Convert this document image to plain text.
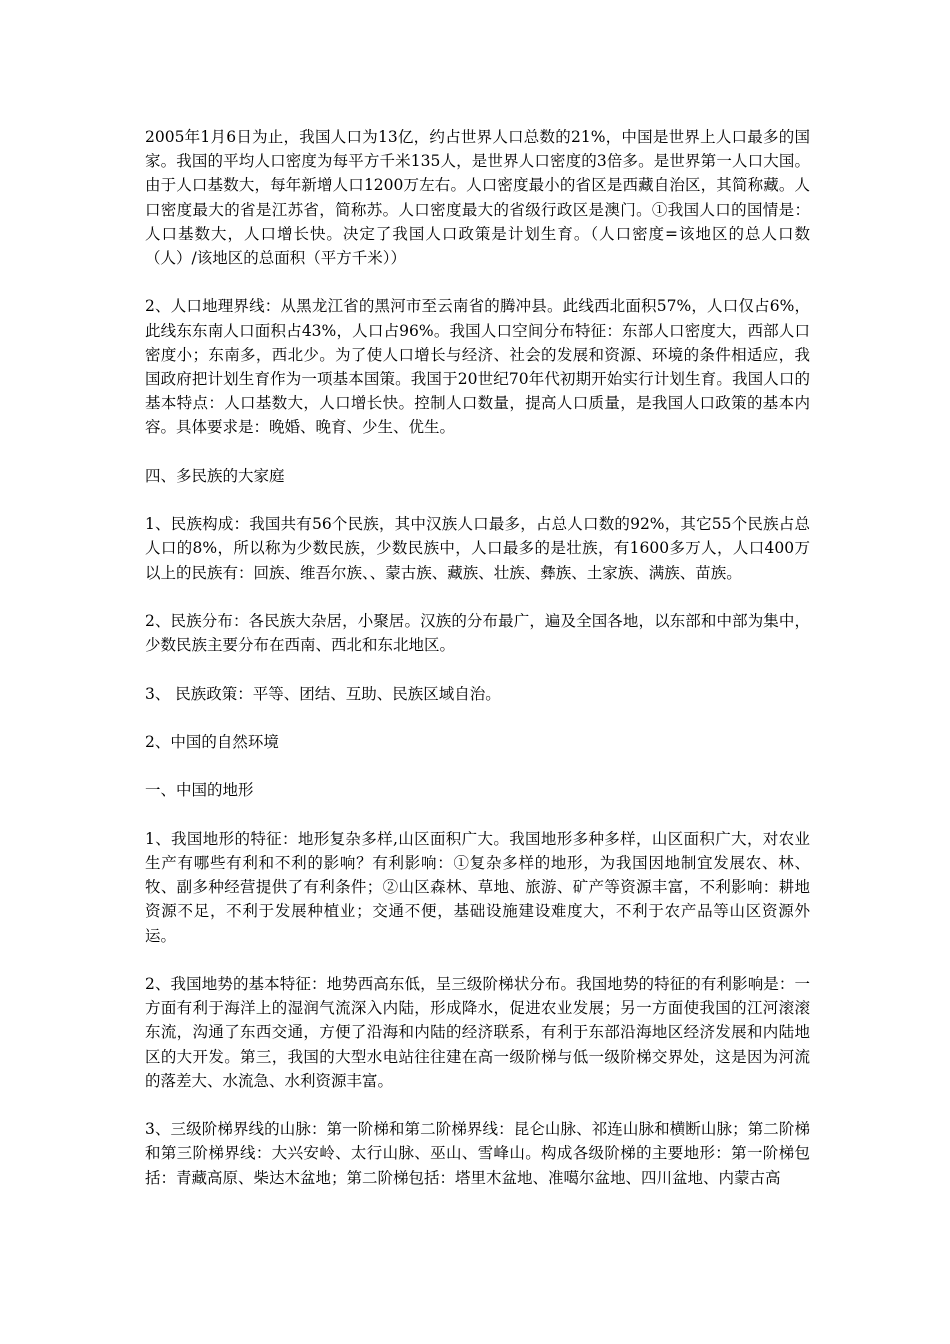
2005年1月6日为止，我国人口为13亿，约占世界人口总数的21%，中国是世界上人口最多的国家。我国的平均人口密度为每平方千米135人，是世界人口密度的3倍多。是世界第一人口大国。由于人口基数大，每年新增人口1200万左右。人口密度最小的省区是西藏自治区，其简称藏。人口密度最大的省是江苏省，简称苏。人口密度最大的省级行政区是澳门。①我国人口的国情是：人口基数大，人口增长快。决定了我国人口政策是计划生育。（人口密度=该地区的总人口数（人）/该地区的总面积（平方千米））

2、人口地理界线：从黑龙江省的黑河市至云南省的腾冲县。此线西北面积57%，人口仅占6%，此线东东南人口面积占43%，人口占96%。我国人口空间分布特征：东部人口密度大，西部人口密度小；东南多，西北少。为了使人口增长与经济、社会的发展和资源、环境的条件相适应，我国政府把计划生育作为一项基本国策。我国于20世纪70年代初期开始实行计划生育。我国人口的基本特点：人口基数大，人口增长快。控制人口数量，提高人口质量，是我国人口政策的基本内容。具体要求是：晚婚、晚育、少生、优生。

四、多民族的大家庭

1、民族构成：我国共有56个民族，其中汉族人口最多，占总人口数的92%，其它55个民族占总人口的8%，所以称为少数民族，少数民族中，人口最多的是壮族，有1600多万人，人口400万以上的民族有：回族、维吾尔族、、蒙古族、藏族、壮族、彝族、土家族、满族、苗族。

2、民族分布：各民族大杂居，小聚居。汉族的分布最广，遍及全国各地，以东部和中部为集中，少数民族主要分布在西南、西北和东北地区。

3、 民族政策：平等、团结、互助、民族区域自治。

2、中国的自然环境

一、中国的地形

1、我国地形的特征：地形复杂多样,山区面积广大。我国地形多种多样，山区面积广大，对农业生产有哪些有利和不利的影响？有利影响：①复杂多样的地形，为我国因地制宜发展农、林、牧、副多种经营提供了有利条件；②山区森林、草地、旅游、矿产等资源丰富，不利影响：耕地资源不足，不利于发展种植业；交通不便，基础设施建设难度大，不利于农产品等山区资源外运。

2、我国地势的基本特征：地势西高东低，呈三级阶梯状分布。我国地势的特征的有利影响是：一方面有利于海洋上的湿润气流深入内陆，形成降水，促进农业发展；另一方面使我国的江河滚滚东流，沟通了东西交通，方便了沿海和内陆的经济联系，有利于东部沿海地区经济发展和内陆地区的大开发。第三，我国的大型水电站往往建在高一级阶梯与低一级阶梯交界处，这是因为河流的落差大、水流急、水利资源丰富。

3、三级阶梯界线的山脉：第一阶梯和第二阶梯界线：昆仑山脉、祁连山脉和横断山脉；第二阶梯和第三阶梯界线：大兴安岭、太行山脉、巫山、雪峰山。构成各级阶梯的主要地形：第一阶梯包括：青藏高原、柴达木盆地；第二阶梯包括：塔里木盆地、准噶尔盆地、四川盆地、内蒙古高
